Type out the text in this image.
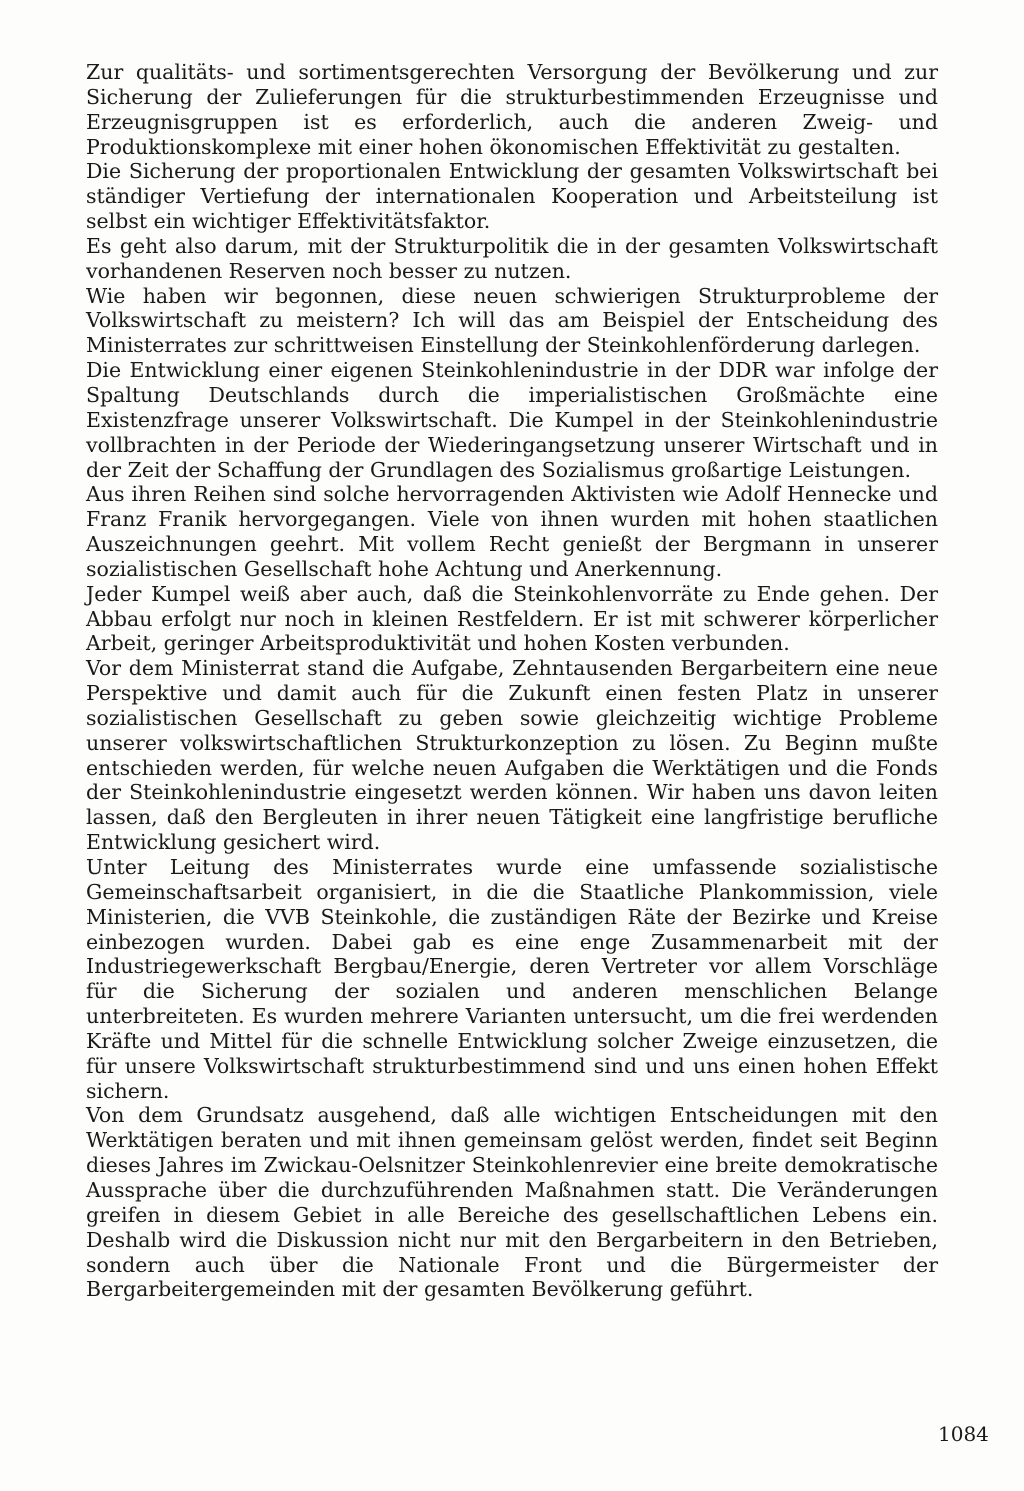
Zur qualitäts- und sortimentsgerechten Versorgung der Bevölkerung und zur Sicherung der Zulieferungen für die strukturbestimmenden Erzeugnisse und Erzeugnisgruppen ist es erforderlich, auch die anderen Zweig- und Produktionskomplexe mit einer hohen ökonomischen Effektivität zu gestalten.

Die Sicherung der proportionalen Entwicklung der gesamten Volkswirtschaft bei ständiger Vertiefung der internationalen Kooperation und Arbeitsteilung ist selbst ein wichtiger Effektivitätsfaktor.

Es geht also darum, mit der Strukturpolitik die in der gesamten Volkswirtschaft vorhandenen Reserven noch besser zu nutzen.

Wie haben wir begonnen, diese neuen schwierigen Strukturprobleme der Volkswirtschaft zu meistern? Ich will das am Beispiel der Entscheidung des Ministerrates zur schrittweisen Einstellung der Steinkohlenförderung darlegen.

Die Entwicklung einer eigenen Steinkohlenindustrie in der DDR war infolge der Spaltung Deutschlands durch die imperialistischen Großmächte eine Existenzfrage unserer Volkswirtschaft. Die Kumpel in der Steinkohlenindustrie vollbrachten in der Periode der Wiederingangsetzung unserer Wirtschaft und in der Zeit der Schaffung der Grundlagen des Sozialismus großartige Leistungen.

Aus ihren Reihen sind solche hervorragenden Aktivisten wie Adolf Hennecke und Franz Franik hervorgegangen. Viele von ihnen wurden mit hohen staatlichen Auszeichnungen geehrt. Mit vollem Recht genießt der Bergmann in unserer sozialistischen Gesellschaft hohe Achtung und Anerkennung.

Jeder Kumpel weiß aber auch, daß die Steinkohlenvorräte zu Ende gehen. Der Abbau erfolgt nur noch in kleinen Restfeldern. Er ist mit schwerer körperlicher Arbeit, geringer Arbeitsproduktivität und hohen Kosten verbunden.

Vor dem Ministerrat stand die Aufgabe, Zehntausenden Bergarbeitern eine neue Perspektive und damit auch für die Zukunft einen festen Platz in unserer sozialistischen Gesellschaft zu geben sowie gleichzeitig wichtige Probleme unserer volkswirtschaftlichen Strukturkonzeption zu lösen. Zu Beginn mußte entschieden werden, für welche neuen Aufgaben die Werktätigen und die Fonds der Steinkohlenindustrie eingesetzt werden können. Wir haben uns davon leiten lassen, daß den Bergleuten in ihrer neuen Tätigkeit eine langfristige berufliche Entwicklung gesichert wird.

Unter Leitung des Ministerrates wurde eine umfassende sozialistische Gemeinschaftsarbeit organisiert, in die die Staatliche Plankommission, viele Ministerien, die VVB Steinkohle, die zuständigen Räte der Bezirke und Kreise einbezogen wurden. Dabei gab es eine enge Zusammenarbeit mit der Industriegewerkschaft Bergbau/Energie, deren Vertreter vor allem Vorschläge für die Sicherung der sozialen und anderen menschlichen Belange unterbreiteten. Es wurden mehrere Varianten untersucht, um die frei werdenden Kräfte und Mittel für die schnelle Entwicklung solcher Zweige einzusetzen, die für unsere Volkswirtschaft strukturbestimmend sind und uns einen hohen Effekt sichern.

Von dem Grundsatz ausgehend, daß alle wichtigen Entscheidungen mit den Werktätigen beraten und mit ihnen gemeinsam gelöst werden, findet seit Beginn dieses Jahres im Zwickau-Oelsnitzer Steinkohlenrevier eine breite demokratische Aussprache über die durchzuführenden Maßnahmen statt. Die Veränderungen greifen in diesem Gebiet in alle Bereiche des gesellschaftlichen Lebens ein. Deshalb wird die Diskussion nicht nur mit den Bergarbeitern in den Betrieben, sondern auch über die Nationale Front und die Bürgermeister der Bergarbeitergemeinden mit der gesamten Bevölkerung geführt.

1084
